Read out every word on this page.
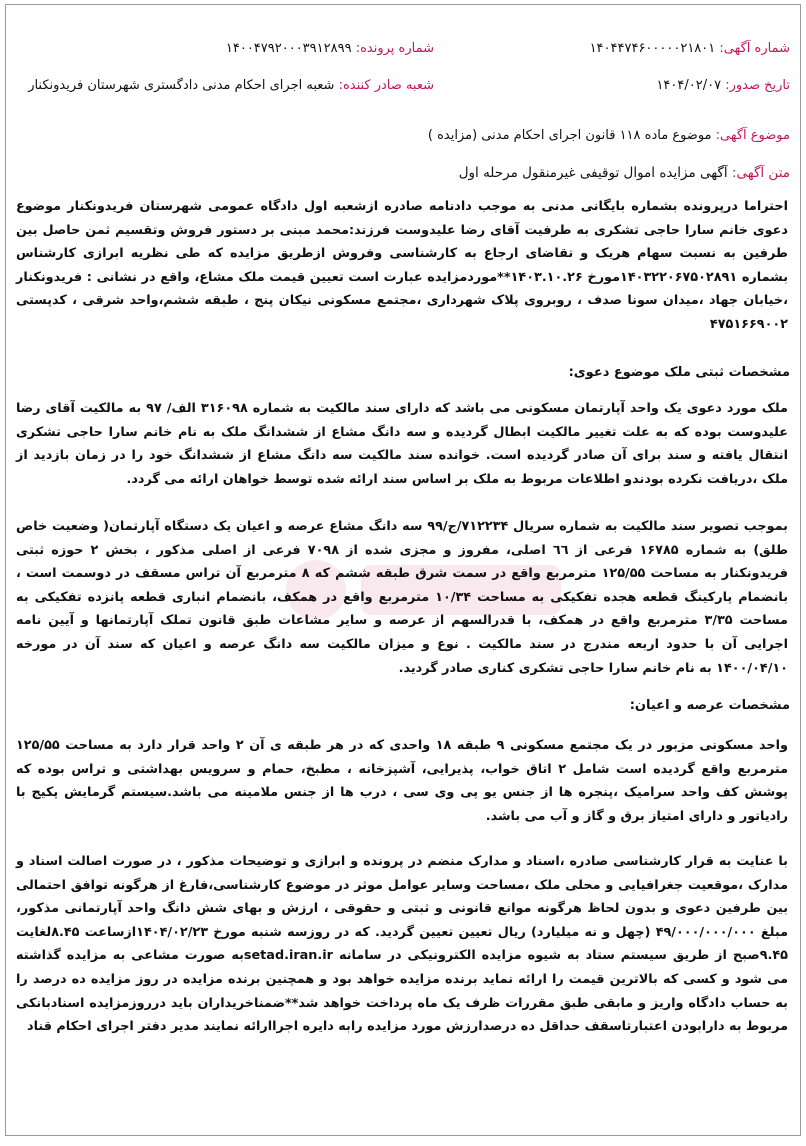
شماره آگهی: ۱۴۰۴۴۷۴۶۰۰۰۰۰۲۱۸۰۱
شماره پرونده: ۱۴۰۰۴۷۹۲۰۰۰۳۹۱۲۸۹۹
تاریخ صدور: ۱۴۰۴/۰۲/۰۷
شعبه صادر کننده: شعبه اجرای احکام مدنی دادگستری شهرستان فریدونکنار
موضوع آگهی: موضوع ماده ۱۱۸ قانون اجرای احکام مدنی (مزایده )
متن آگهی: آگهی مزایده اموال توقیفی غیرمنقول مرحله اول

احتراما درپرونده بشماره بایگانی مدنی به موجب دادنامه صادره ازشعبه اول دادگاه عمومی شهرستان فریدونکنار موضوع دعوی خانم سارا حاجی تشکری به طرفیت آقای رضا علیدوست فرزند:محمد مبنی بر دستور فروش وتقسیم ثمن حاصل بین طرفین به نسبت سهام هریک و تقاضای ارجاع به کارشناسی وفروش ازطریق مزایده که طی نظریه ابرازی کارشناس بشماره ۱۴۰۳۲۲۰۶۷۵۰۲۸۹۱مورخ ۱۴۰۳.۱۰.۲۶**موردمزایده عبارت است تعیین قیمت ملک مشاع، واقع در نشانی : فریدونکنار ،خیابان جهاد ،میدان سونا صدف ، روبروی پلاک شهرداری ،مجتمع مسکونی نیکان پنج ، طبقه ششم،واحد شرقی ، کدپستی ۴۷۵۱۶۶۹۰۰۲

مشخصات ثبتی ملک موضوع دعوی:

ملک مورد دعوی یک واحد آپارتمان مسکونی می باشد که دارای سند مالکیت به شماره ۳۱۶۰۹۸ الف/ ۹۷ به مالکیت آقای رضا علیدوست بوده که به علت تغییر مالکیت ابطال گردیده و سه دانگ مشاع از ششدانگ ملک به نام خانم سارا حاجی تشکری انتقال یافته و سند برای آن صادر گردیده است. خوانده سند مالکیت سه دانگ مشاع از ششدانگ خود را در زمان بازدید از ملک ،دریافت نکرده بودندو اطلاعات مربوط به ملک بر اساس سند ارائه شده توسط خواهان ارائه می گردد.

بموجب تصویر سند مالکیت به شماره سریال ۷۱۲۲۳۴/ج/۹۹ سه دانگ مشاع عرصه و اعیان یک دستگاه آپارتمان( وضعیت خاص طلق) به شماره ۱۶۷۸۵ فرعی از ٦٦ اصلی، مفروز و مجزی شده از ۷۰۹۸ فرعی از اصلی مذکور ، بخش ۲ حوزه ثبتی فریدونکنار به مساحت ۱۲۵/۵۵ مترمربع واقع در سمت شرق طبقه ششم که ۸ مترمربع آن تراس مسقف در دوسمت است ، بانضمام پارکینگ قطعه هجده تفکیکی به مساحت ۱۰/۳۴ مترمربع واقع در همکف، بانضمام انباری قطعه پانزده تفکیکی به مساحت ۳/۳۵ مترمربع واقع در همکف، با قدرالسهم از عرصه و سایر مشاعات طبق قانون تملک آپارتمانها و آیین نامه اجرایی آن با حدود اربعه مندرج در سند مالکیت . نوع و میزان مالکیت سه دانگ عرصه و اعیان که سند آن در مورخه ۱۴۰۰/۰۴/۱۰ به نام خانم سارا حاجی تشکری کناری صادر گردید.

مشخصات عرصه و اعیان:

واحد مسکونی مزبور در یک مجتمع مسکونی ۹ طبقه ۱۸ واحدی که در هر طبقه ی آن ۲ واحد قرار دارد به مساحت ۱۲۵/۵۵ مترمربع واقع گردیده است شامل ۲ اتاق خواب، پذیرایی، آشپزخانه ، مطبخ، حمام و سرویس بهداشتی و تراس بوده که پوشش کف واحد سرامیک ،پنجره ها از جنس یو پی وی سی ، درب ها از جنس ملامینه می باشد.سیستم گرمایش پکیج با رادیاتور و دارای امتیاز برق و گاز و آب می باشد.

با عنایت به قرار کارشناسی صادره ،اسناد و مدارک منضم در پرونده و ابرازی و توضیحات مذکور ، در صورت اصالت اسناد و مدارک ،موقعیت جغرافیایی و محلی ملک ،مساحت وسایر عوامل موثر در موضوع کارشناسی،فارغ از هرگونه توافق احتمالی بین طرفین دعوی و بدون لحاظ هرگونه موانع قانونی و ثبتی و حقوقی ، ارزش و بهای شش دانگ واحد آپارتمانی مذکور، مبلغ ۴۹/۰۰۰/۰۰۰/۰۰۰ (چهل و نه میلیارد) ریال تعیین تعیین گردید. که در روزسه شنبه مورخ ۱۴۰۴/۰۲/۲۳ازساعت ۸.۴۵لغایت ۹.۴۵صبح از طریق سیستم ستاد به شیوه مزایده الکترونیکی در سامانه setad.iran.irبه صورت مشاعی به مزایده گذاشته می شود و کسی که بالاترین قیمت را ارائه نماید برنده مزایده خواهد بود و همچنین برنده مزایده در روز مزایده ده درصد را به حساب دادگاه واریز و مابقی طبق مقررات ظرف یک ماه پرداخت خواهد شد**ضمناخریداران باید درروزمزایده اسنادبانکی مربوط به دارابودن اعتبارتاسقف حداقل ده درصدارزش مورد مزایده رابه دایره اجراارائه نمایند مدیر دفتر اجرای احکام قناد
